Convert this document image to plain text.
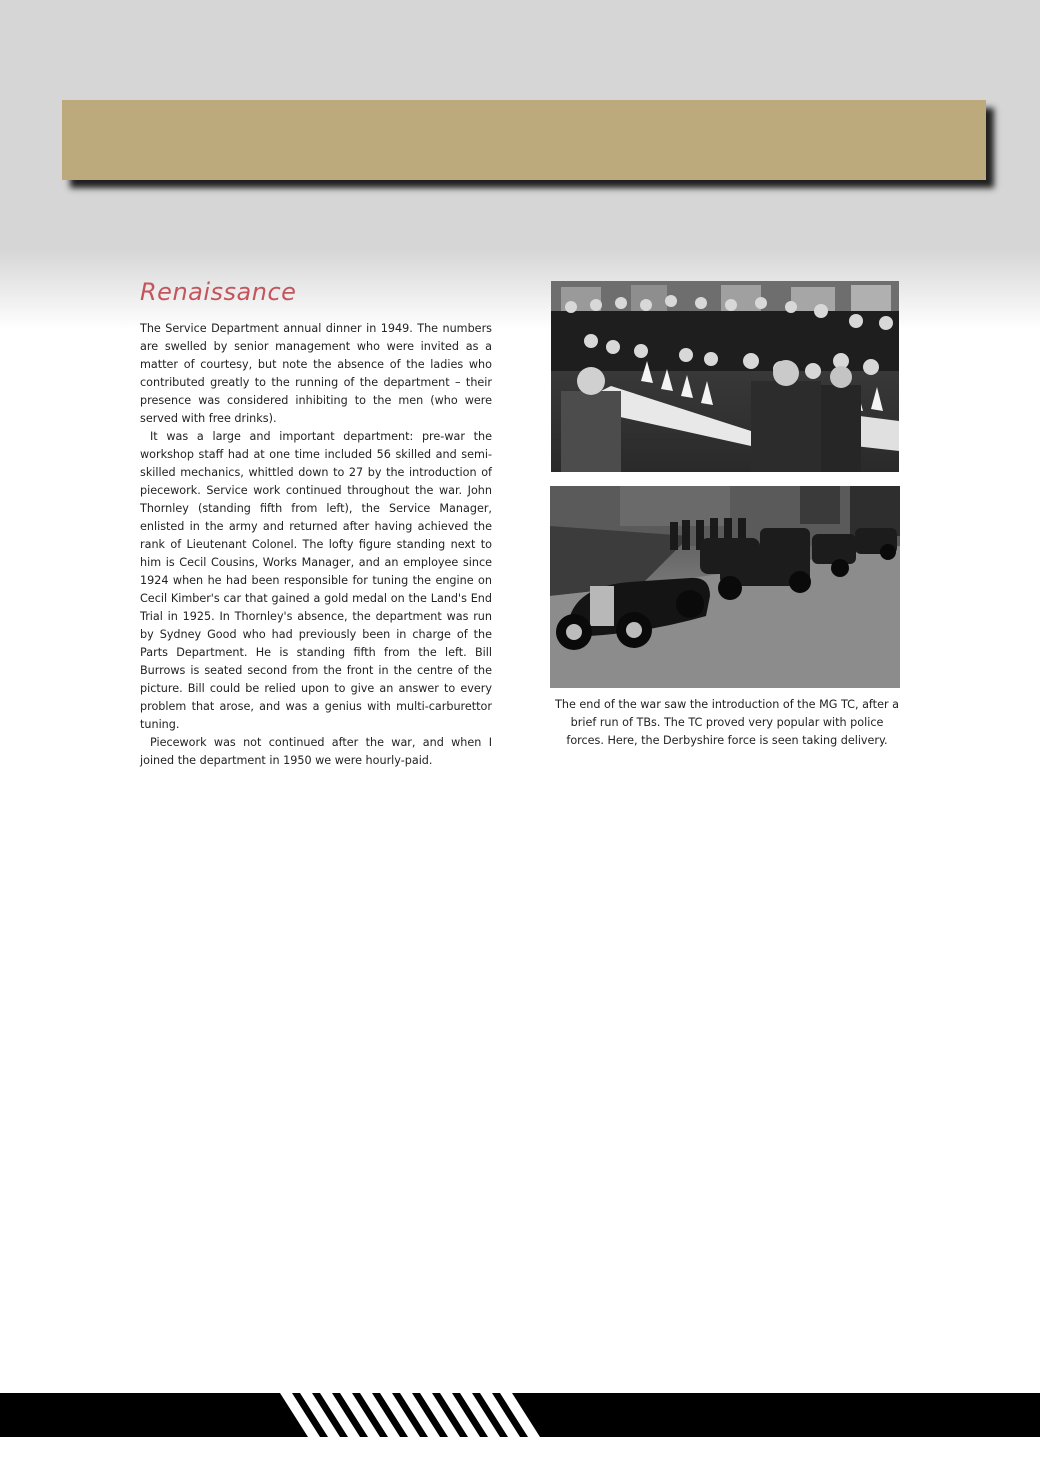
Renaissance

The Service Department annual dinner in 1949. The numbers are swelled by senior management who were invited as a matter of courtesy, but note the absence of the ladies who contributed greatly to the running of the department – their presence was considered inhibiting to the men (who were served with free drinks).

It was a large and important department: pre-war the workshop staff had at one time included 56 skilled and semi-skilled mechanics, whittled down to 27 by the introduction of piecework. Service work continued throughout the war. John Thornley (standing fifth from left), the Service Manager, enlisted in the army and returned after having achieved the rank of Lieutenant Colonel. The lofty figure standing next to him is Cecil Cousins, Works Manager, and an employee since 1924 when he had been responsible for tuning the engine on Cecil Kimber's car that gained a gold medal on the Land's End Trial in 1925. In Thornley's absence, the department was run by Sydney Good who had previously been in charge of the Parts Department. He is standing fifth from the left. Bill Burrows is seated second from the front in the centre of the picture. Bill could be relied upon to give an answer to every problem that arose, and was a genius with multi-carburettor tuning.

Piecework was not continued after the war, and when I joined the department in 1950 we were hourly-paid.

The end of the war saw the introduction of the MG TC, after a brief run of TBs. The TC proved very popular with police forces. Here, the Derbyshire force is seen taking delivery.
